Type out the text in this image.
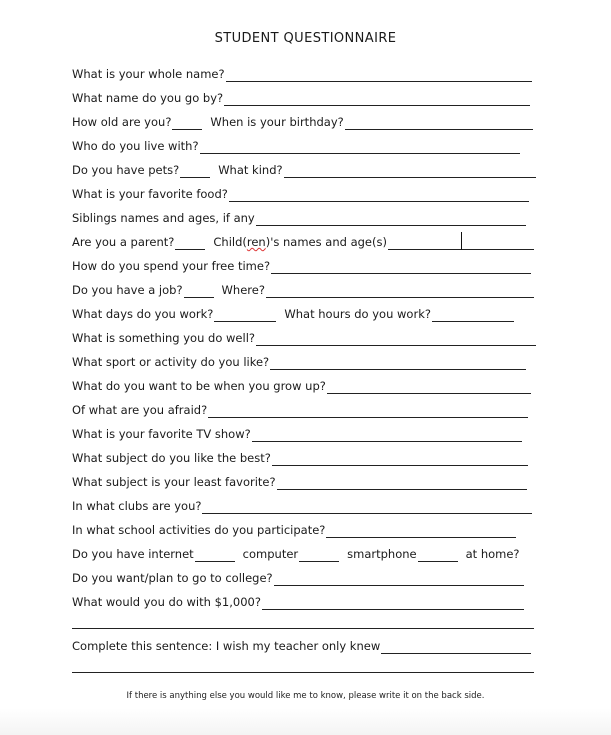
STUDENT QUESTIONNAIRE
What is your whole name?
What name do you go by?
How old are you?	When is your birthday?
Who do you live with?
Do you have pets?	What kind?
What is your favorite food?
Siblings names and ages, if any
Are you a parent?	Child( ren )'s names and age(s)
How do you spend your free time?
Do you have a job?	Where?
What days do you work?	What hours do you work?
What is something you do well?
What sport or activity do you like?
What do you want to be when you grow up?
Of what are you afraid?
What is your favorite TV show?
What subject do you like the best?
What subject is your least favorite?
In what clubs are you?
In what school activities do you participate?
Do you have internet	computer	smartphone	at home?
Do you want/plan to go to college?
What would you do with $1,000?
Complete this sentence: I wish my teacher only knew
If there is anything else you would like me to know, please write it on the back side.
